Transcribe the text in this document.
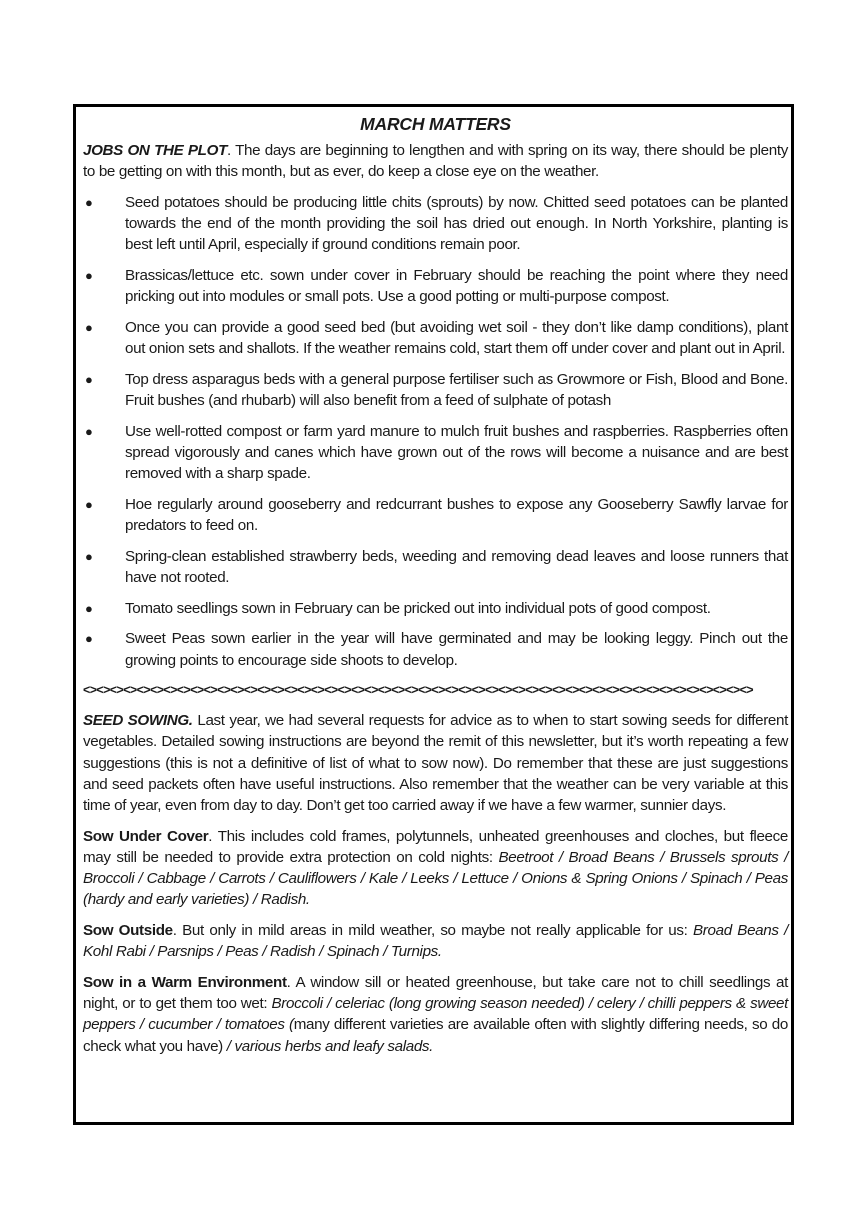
MARCH MATTERS

JOBS ON THE PLOT. The days are beginning to lengthen and with spring on its way, there should be plenty to be getting on with this month, but as ever, do keep a close eye on the weather.

● Seed potatoes should be producing little chits (sprouts) by now. Chitted seed potatoes can be planted towards the end of the month providing the soil has dried out enough. In North Yorkshire, planting is best left until April, especially if ground conditions remain poor.
● Brassicas/lettuce etc. sown under cover in February should be reaching the point where they need pricking out into modules or small pots. Use a good potting or multi-purpose compost.
● Once you can provide a good seed bed (but avoiding wet soil - they don’t like damp conditions), plant out onion sets and shallots. If the weather remains cold, start them off under cover and plant out in April.
● Top dress asparagus beds with a general purpose fertiliser such as Growmore or Fish, Blood and Bone. Fruit bushes (and rhubarb) will also benefit from a feed of sulphate of potash
● Use well-rotted compost or farm yard manure to mulch fruit bushes and raspberries. Raspberries often spread vigorously and canes which have grown out of the rows will become a nuisance and are best removed with a sharp spade.
● Hoe regularly around gooseberry and redcurrant bushes to expose any Gooseberry Sawfly larvae for predators to feed on.
● Spring-clean established strawberry beds, weeding and removing dead leaves and loose runners that have not rooted.
● Tomato seedlings sown in February can be pricked out into individual pots of good compost.
● Sweet Peas sown earlier in the year will have germinated and may be looking leggy. Pinch out the growing points to encourage side shoots to develop.
<><><><><><><><><><><><><><><><><><><><><><><><><><><><><><><><><><><><><><><><><><><><><><><><><><>

SEED SOWING. Last year, we had several requests for advice as to when to start sowing seeds for different vegetables. Detailed sowing instructions are beyond the remit of this newsletter, but it’s worth repeating a few suggestions (this is not a definitive of list of what to sow now). Do remember that these are just suggestions and seed packets often have useful instructions. Also remember that the weather can be very variable at this time of year, even from day to day. Don’t get too carried away if we have a few warmer, sunnier days.

Sow Under Cover. This includes cold frames, polytunnels, unheated greenhouses and cloches, but fleece may still be needed to provide extra protection on cold nights: Beetroot / Broad Beans / Brussels sprouts / Broccoli / Cabbage / Carrots / Cauliflowers / Kale / Leeks / Lettuce / Onions & Spring Onions / Spinach / Peas (hardy and early varieties) / Radish.

Sow Outside. But only in mild areas in mild weather, so maybe not really applicable for us: Broad Beans / Kohl Rabi / Parsnips / Peas / Radish / Spinach / Turnips.

Sow in a Warm Environment. A window sill or heated greenhouse, but take care not to chill seedlings at night, or to get them too wet: Broccoli / celeriac (long growing season needed) / celery / chilli peppers & sweet peppers / cucumber / tomatoes (many different varieties are available often with slightly differing needs, so do check what you have) / various herbs and leafy salads.
